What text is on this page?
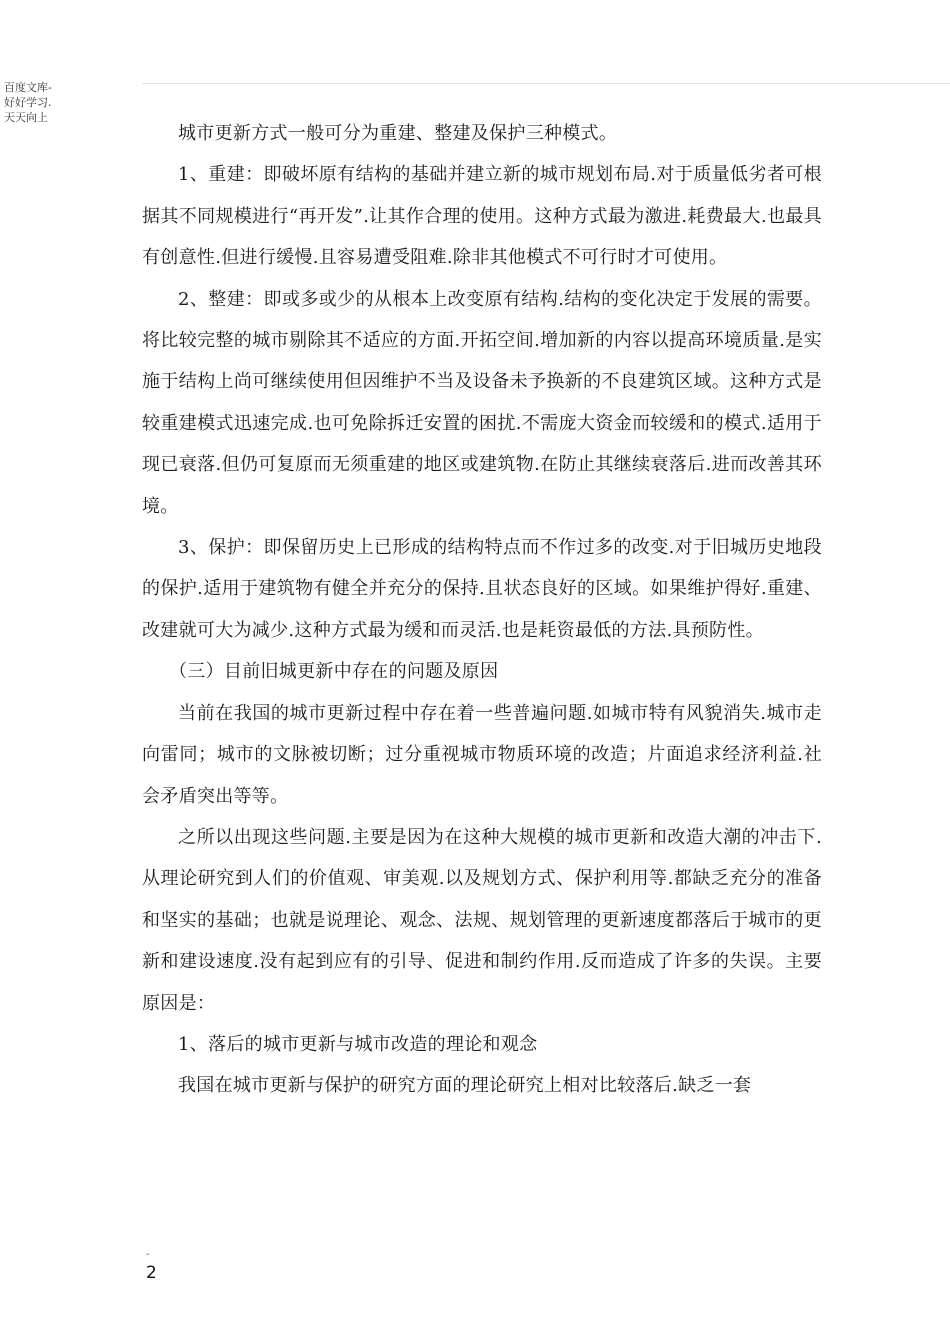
百度文库-好好学习.天天向上

城市更新方式一般可分为重建、整建及保护三种模式。

1、重建：即破坏原有结构的基础并建立新的城市规划布局.对于质量低劣者可根据其不同规模进行“再开发”.让其作合理的使用。这种方式最为激进.耗费最大.也最具有创意性.但进行缓慢.且容易遭受阻难.除非其他模式不可行时才可使用。

2、整建：即或多或少的从根本上改变原有结构.结构的变化决定于发展的需要。将比较完整的城市剔除其不适应的方面.开拓空间.增加新的内容以提高环境质量.是实施于结构上尚可继续使用但因维护不当及设备未予换新的不良建筑区域。这种方式是较重建模式迅速完成.也可免除拆迁安置的困扰.不需庞大资金而较缓和的模式.适用于现已衰落.但仍可复原而无须重建的地区或建筑物.在防止其继续衰落后.进而改善其环境。

3、保护：即保留历史上已形成的结构特点而不作过多的改变.对于旧城历史地段的保护.适用于建筑物有健全并充分的保持.且状态良好的区域。如果维护得好.重建、改建就可大为减少.这种方式最为缓和而灵活.也是耗资最低的方法.具预防性。

（三）目前旧城更新中存在的问题及原因

当前在我国的城市更新过程中存在着一些普遍问题.如城市特有风貌消失.城市走向雷同；城市的文脉被切断；过分重视城市物质环境的改造；片面追求经济利益.社会矛盾突出等等。

之所以出现这些问题.主要是因为在这种大规模的城市更新和改造大潮的冲击下.从理论研究到人们的价值观、审美观.以及规划方式、保护利用等.都缺乏充分的准备和坚实的基础；也就是说理论、观念、法规、规划管理的更新速度都落后于城市的更新和建设速度.没有起到应有的引导、促进和制约作用.反而造成了许多的失误。主要原因是：

1、落后的城市更新与城市改造的理论和观念

我国在城市更新与保护的研究方面的理论研究上相对比较落后.缺乏一套

-
2
